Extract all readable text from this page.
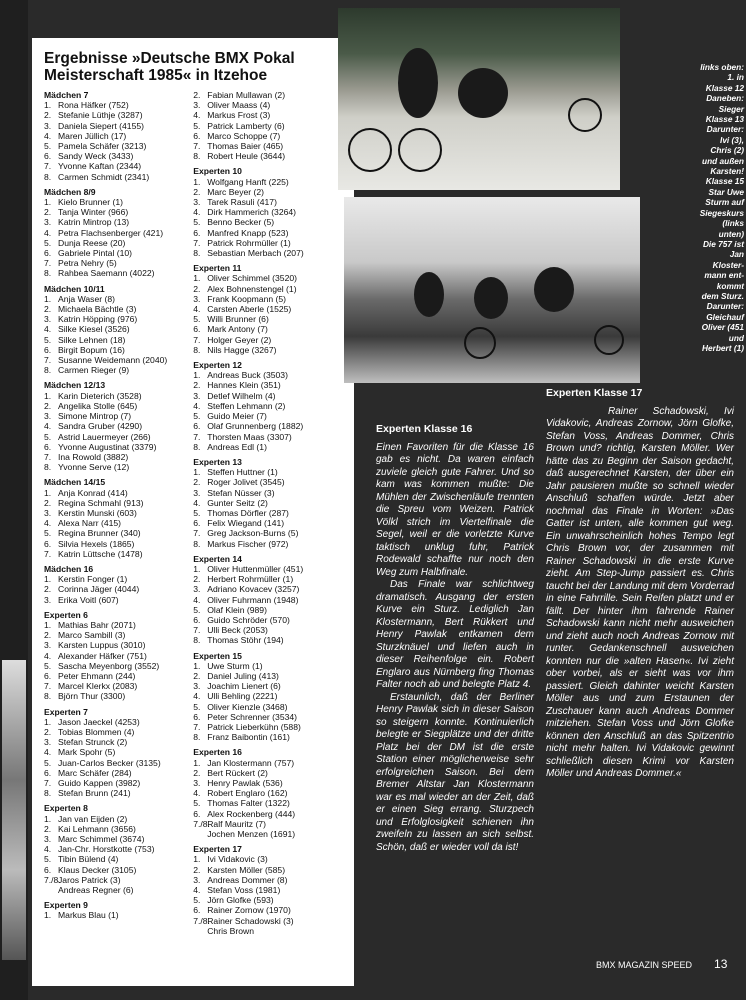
Ergebnisse »Deutsche BMX Pokal
Meisterschaft 1985« in Itzehoe
Mädchen 7
1. Rona Häfker (752)
2. Stefanie Lüthje (3287)
3. Daniela Siepert (4155)
4. Maren Jüllich (17)
5. Pamela Schäfer (3213)
6. Sandy Weck (3433)
7. Yvonne Kaftan (2344)
8. Carmen Schmidt (2341)
Mädchen 8/9
1. Kielo Brunner (1)
2. Tanja Winter (966)
3. Katrin Mintrop (13)
4. Petra Flachsenberger (421)
5. Dunja Reese (20)
6. Gabriele Pintal (10)
7. Petra Nehry (5)
8. Rahbea Saemann (4022)
Mädchen 10/11
1. Anja Waser (8)
2. Michaela Bächtle (3)
3. Katrin Höpping (976)
4. Silke Kiesel (3526)
5. Silke Lehnen (18)
6. Birgit Bopum (16)
7. Susanne Weidemann (2040)
8. Carmen Rieger (9)
Mädchen 12/13
1. Karin Dieterich (3528)
2. Angelika Stolle (645)
3. Simone Mintrop (7)
4. Sandra Gruber (4290)
5. Astrid Lauermeyer (266)
6. Yvonne Augustinat (3379)
7. Ina Rowold (3882)
8. Yvonne Serve (12)
Mädchen 14/15
1. Anja Konrad (414)
2. Regina Schmahl (913)
3. Kerstin Munski (603)
4. Alexa Narr (415)
5. Regina Brunner (340)
6. Silvia Hexels (1865)
7. Katrin Lüttsche (1478)
Mädchen 16
1. Kerstin Fonger (1)
2. Corinna Jäger (4044)
3. Erika Voitl (607)
Experten 6
1. Mathias Bahr (2071)
2. Marco Sambill (3)
3. Karsten Luppus (3010)
4. Alexander Häfker (751)
5. Sascha Meyenborg (3552)
6. Peter Ehmann (244)
7. Marcel Klerkx (2083)
8. Björn Thur (3300)
Experten 7
1. Jason Jaeckel (4253)
2. Tobias Blommen (4)
3. Stefan Strunck (2)
4. Mark Spohr (5)
5. Juan-Carlos Becker (3135)
6. Marc Schäfer (284)
7. Guido Kappen (3982)
8. Stefan Brunn (241)
Experten 8
1. Jan van Eijden (2)
2. Kai Lehmann (3656)
3. Marc Schimmel (3674)
4. Jan-Chr. Horstkotte (753)
5. Tibin Bülend (4)
6. Klaus Decker (3105)
7./8.Jaros Patrick (3)
Andreas Regner (6)
Experten 9
1. Markus Blau (1)
2. Fabian Mullawan (2)
3. Oliver Maass (4)
4. Markus Frost (3)
5. Patrick Lamberty (6)
6. Marco Schoppe (7)
7. Thomas Baier (465)
8. Robert Heule (3644)
Experten 10
1. Wolfgang Hanft (225)
2. Marc Beyer (2)
3. Tarek Rasuli (417)
4. Dirk Hammerich (3264)
5. Benno Becker (5)
6. Manfred Knapp (523)
7. Patrick Rohrmüller (1)
8. Sebastian Merbach (207)
Experten 11
1. Oliver Schimmel (3520)
2. Alex Bohnenstengel (1)
3. Frank Koopmann (5)
4. Carsten Aberle (1525)
5. Willi Brunner (6)
6. Mark Antony (7)
7. Holger Geyer (2)
8. Nils Hagge (3267)
Experten 12
1. Andreas Buck (3503)
2. Hannes Klein (351)
3. Detlef Wilhelm (4)
4. Steffen Lehmann (2)
5. Guido Meier (7)
6. Olaf Grunnenberg (1882)
7. Thorsten Maas (3307)
8. Andreas Edl (1)
Experten 13
1. Steffen Huttner (1)
2. Roger Jolivet (3545)
3. Stefan Nüsser (3)
4. Gunter Seitz (2)
5. Thomas Dörfler (287)
6. Felix Wiegand (141)
7. Greg Jackson-Burns (5)
8. Markus Fischer (972)
Experten 14
1. Oliver Huttenmüller (451)
2. Herbert Rohrmüller (1)
3. Adriano Kovacev (3257)
4. Oliver Fuhrmann (1948)
5. Olaf Klein (989)
6. Guido Schröder (570)
7. Ulli Beck (2053)
8. Thomas Stöhr (194)
Experten 15
1. Uwe Sturm (1)
2. Daniel Juling (413)
3. Joachim Lienert (6)
4. Ulli Behling (2221)
5. Oliver Kienzle (3468)
6. Peter Schrenner (3534)
7. Patrick Lieberkühn (588)
8. Franz Baibontin (161)
Experten 16
1. Jan Klostermann (757)
2. Bert Rückert (2)
3. Henry Pawlak (536)
4. Robert Englaro (162)
5. Thomas Falter (1322)
6. Alex Rockenberg (444)
7./8.Ralf Mauritz (7)
Jochen Menzen (1691)
Experten 17
1. Ivi Vidakovic (3)
2. Karsten Möller (585)
3. Andreas Dommer (8)
4. Stefan Voss (1981)
5. Jörn Glofke (593)
6. Rainer Zornow (1970)
7./8.Rainer Schadowski (3)
Chris Brown
links oben:
1. in
Klasse 12
Daneben:
Sieger
Klasse 13
Darunter:
Ivi (3),
Chris (2)
und außen
Karsten!
Klasse 15
Star Uwe
Sturm auf
Siegeskurs
(links
unten)
Die 757 ist
Jan
Kloster-
mann ent-
kommt
dem Sturz.
Darunter:
Gleichauf
Oliver (451
und
Herbert (1)
Experten Klasse 16

Einen Favoriten für die Klasse 16 gab es nicht. Da waren einfach zuviele gleich gute Fahrer. Und so kam was kommen mußte: Die Mühlen der Zwischenläufe trennten die Spreu vom Weizen. Patrick Völkl strich im Viertelfinale die Segel, weil er die vorletzte Kurve taktisch unklug fuhr, Patrick Rodewald schaffte nur noch den Weg zum Halbfinale.

Das Finale war schlichtweg dramatisch. Ausgang der ersten Kurve ein Sturz. Lediglich Jan Klostermann, Bert Rükkert und Henry Pawlak entkamen dem Sturzknäuel und liefen auch in dieser Reihenfolge ein. Robert Englaro aus Nürnberg fing Thomas Falter noch ab und belegte Platz 4.

Erstaunlich, daß der Berliner Henry Pawlak sich in dieser Saison so steigern konnte. Kontinuierlich belegte er Siegplätze und der dritte Platz bei der DM ist die erste Station einer möglicherweise sehr erfolgreichen Saison. Bei dem Bremer Altstar Jan Klostermann war es mal wieder an der Zeit, daß er einen Sieg errang. Sturzpech und Erfolglosigkeit schienen ihn zweifeln zu lassen an sich selbst. Schön, daß er wieder voll da ist!

Experten Klasse 17

Rainer Schadowski, Ivi Vidakovic, Andreas Zornow, Jörn Glofke, Stefan Voss, Andreas Dommer, Chris Brown und? richtig, Karsten Möller. Wer hätte das zu Beginn der Saison gedacht, daß ausgerechnet Karsten, der über ein Jahr pausieren mußte so schnell wieder Anschluß schaffen würde. Jetzt aber nochmal das Finale in Worten: »Das Gatter ist unten, alle kommen gut weg. Ein unwahrscheinlich hohes Tempo legt Chris Brown vor, der zusammen mit Rainer Schadowski in die erste Kurve zieht. Am Step-Jump passiert es. Chris taucht bei der Landung mit dem Vorderrad in eine Fahrrille. Sein Reifen platzt und er fällt. Der hinter ihm fahrende Rainer Schadowski kann nicht mehr ausweichen und zieht auch noch Andreas Zornow mit runter. Gedankenschnell ausweichen konnten nur die »alten Hasen«. Ivi zieht ober vorbei, als er sieht was vor ihm passiert. Gleich dahinter weicht Karsten Möller aus und zum Erstaunen der Zuschauer kann auch Andreas Dommer mitziehen. Stefan Voss und Jörn Glofke können den Anschluß an das Spitzentrio nicht mehr halten. Ivi Vidakovic gewinnt schließlich diesen Krimi vor Karsten Möller und Andreas Dommer.«

BMX MAGAZIN SPEED 13
